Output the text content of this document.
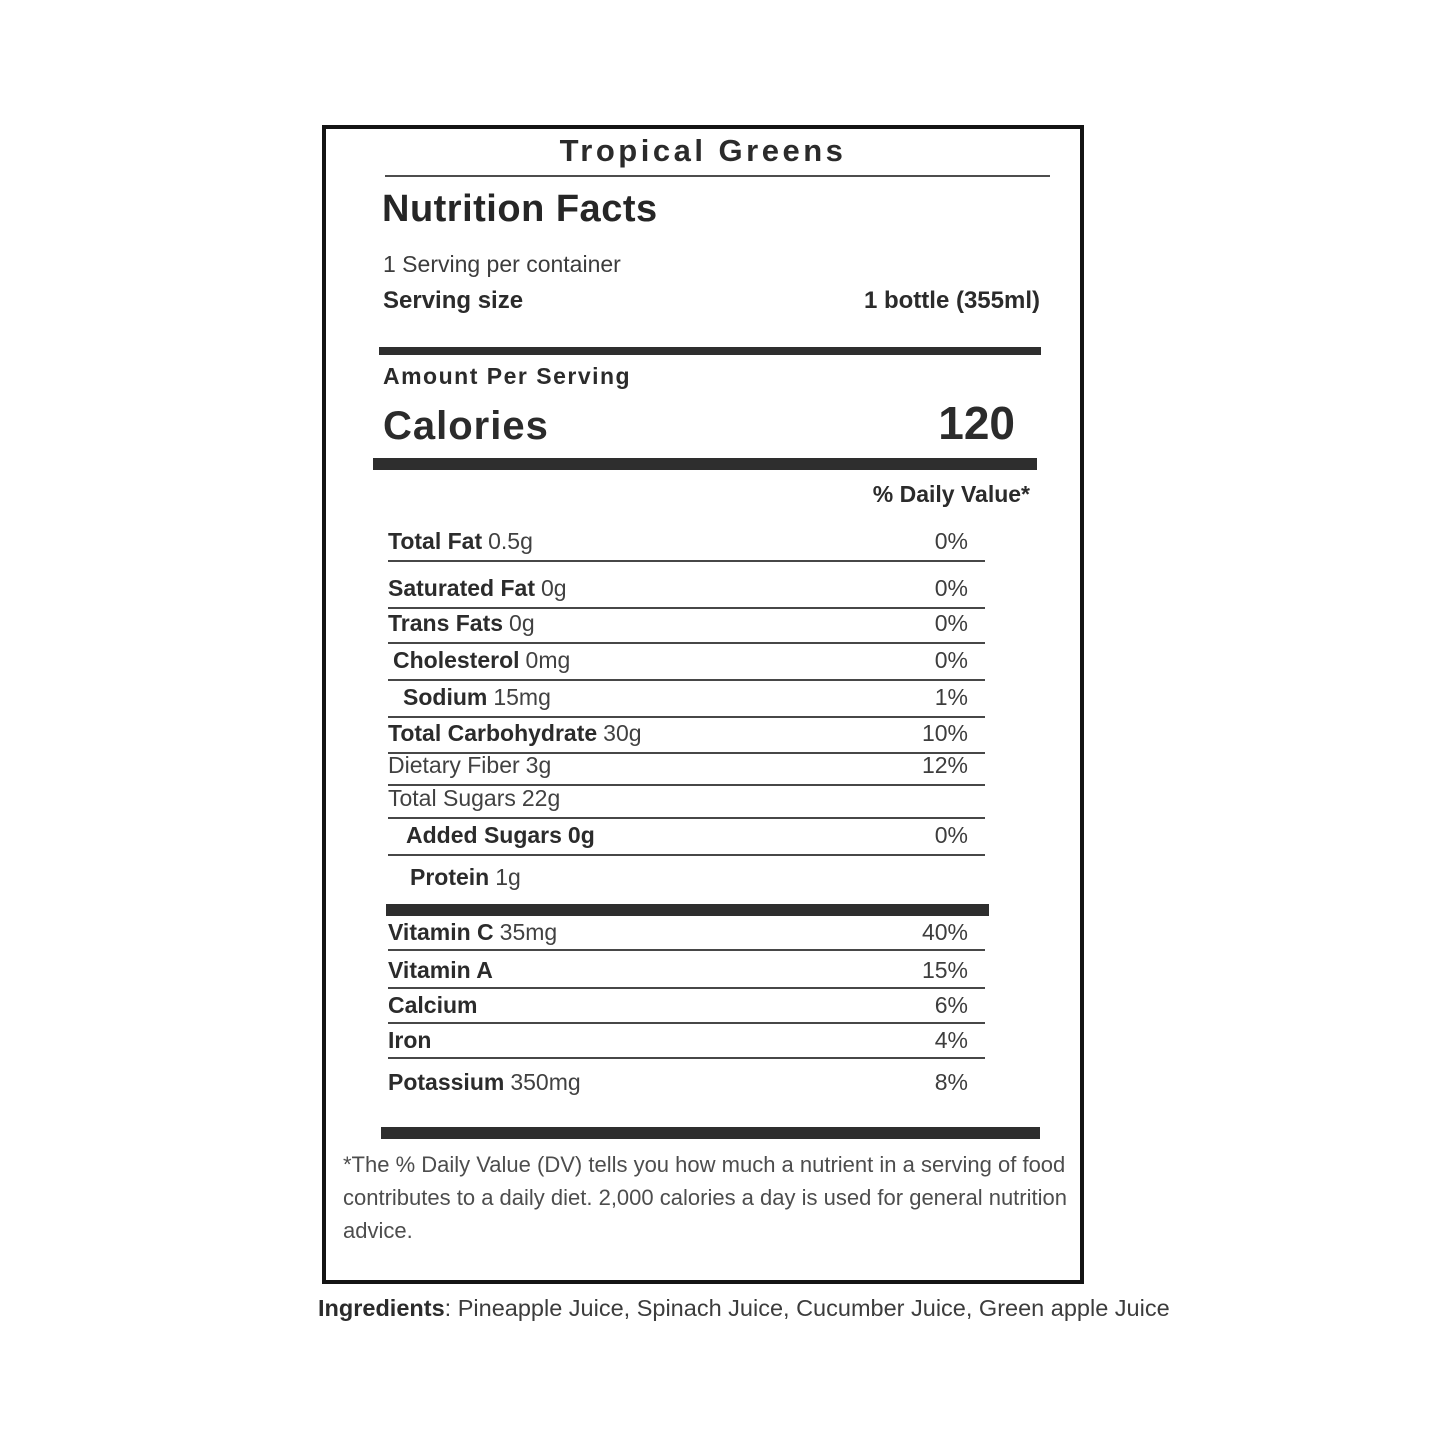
Tropical Greens
Nutrition Facts
1 Serving per container
Serving size	1 bottle (355ml)
Amount Per Serving
Calories	120
% Daily Value*
Total Fat 0.5g	0%
Saturated Fat 0g	0%
Trans Fats 0g	0%
Cholesterol 0mg	0%
Sodium 15mg	1%
Total Carbohydrate 30g	10%
Dietary Fiber 3g	12%
Total Sugars 22g
Added Sugars 0g	0%
Protein 1g
Vitamin C 35mg	40%
Vitamin A	15%
Calcium	6%
Iron	4%
Potassium 350mg	8%
*The % Daily Value (DV) tells you how much a nutrient in a serving of food contributes to a daily diet. 2,000 calories a day is used for general nutrition advice.
Ingredients: Pineapple Juice, Spinach Juice, Cucumber Juice, Green apple Juice
